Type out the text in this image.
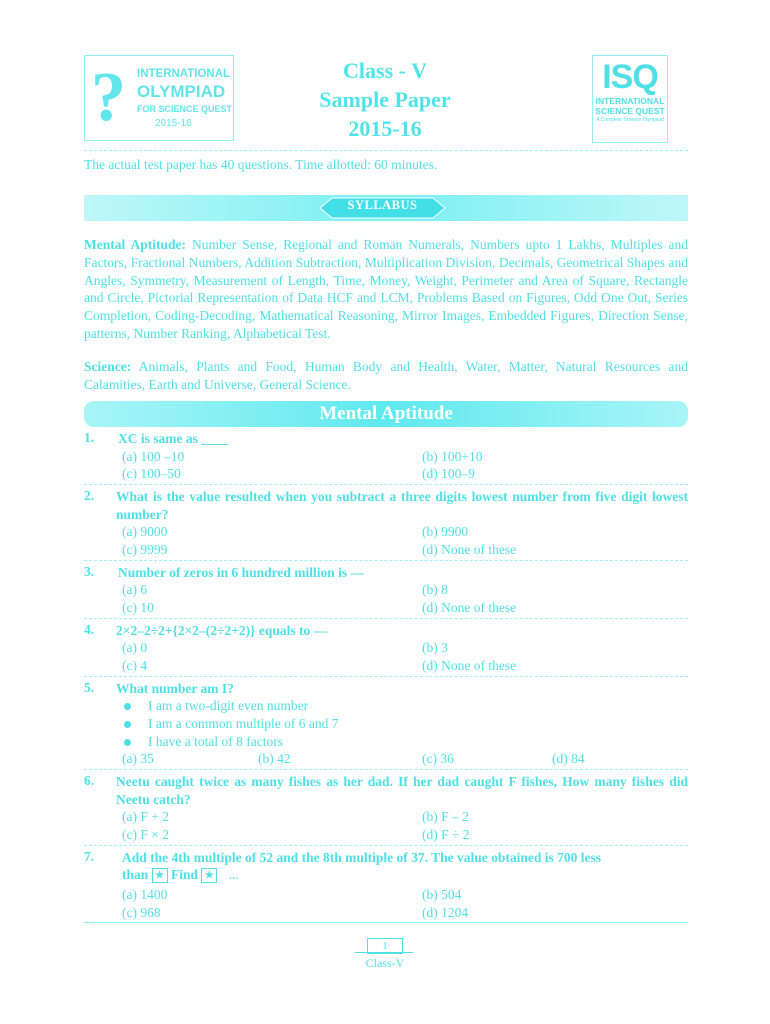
? INTERNATIONAL
OLYMPIAD
FOR SCIENCE QUEST
2015-16
Class - V
Sample Paper
2015-16
ISQ
INTERNATIONAL
SCIENCE QUEST
A Complete Science Olympiad
The actual test paper has 40 questions. Time allotted: 60 minutes.
SYLLABUS
Mental Aptitude: Number Sense, Regional and Roman Numerals, Numbers upto 1 Lakhs, Multiples and Factors, Fractional Numbers, Addition Subtraction, Multiplication Division, Decimals, Geometrical Shapes and Angles, Symmetry, Measurement of Length, Time, Money, Weight, Perimeter and Area of Square, Rectangle and Circle, Pictorial Representation of Data HCF and LCM, Problems Based on Figures, Odd One Out, Series Completion, Coding-Decoding, Mathematical Reasoning, Mirror Images, Embedded Figures, Direction Sense, patterns, Number Ranking, Alphabetical Test.
Science: Animals, Plants and Food, Human Body and Health, Water, Matter, Natural Resources and Calamities, Earth and Universe, General Science.
Mental Aptitude
1. XC is same as ____
(a) 100 –10	(b) 100+10
(c) 100–50	(d) 100–9
2. What is the value resulted when you subtract a three digits lowest number from five digit lowest number?
(a) 9000	(b) 9900
(c) 9999	(d) None of these
3. Number of zeros in 6 hundred million is —
(a) 6	(b) 8
(c) 10	(d) None of these
4. 2×2–2÷2+{2×2–(2÷2+2)} equals to —
(a) 0	(b) 3
(c) 4	(d) None of these
5. What number am I?
I am a two-digit even number
I am a common multiple of 6 and 7
I have a total of 8 factors
(a) 35	(b) 42	(c) 36	(d) 84
6. Neetu caught twice as many fishes as her dad. If her dad caught F fishes, How many fishes did Neetu catch?
(a) F + 2	(b) F – 2
(c) F × 2	(d) F ÷ 2
7. Add the 4th multiple of 52 and the 8th multiple of 37. The value obtained is 700 less
than ★ Find ★ ...
(a) 1400	(b) 504
(c) 968	(d) 1204
1
Class-V
